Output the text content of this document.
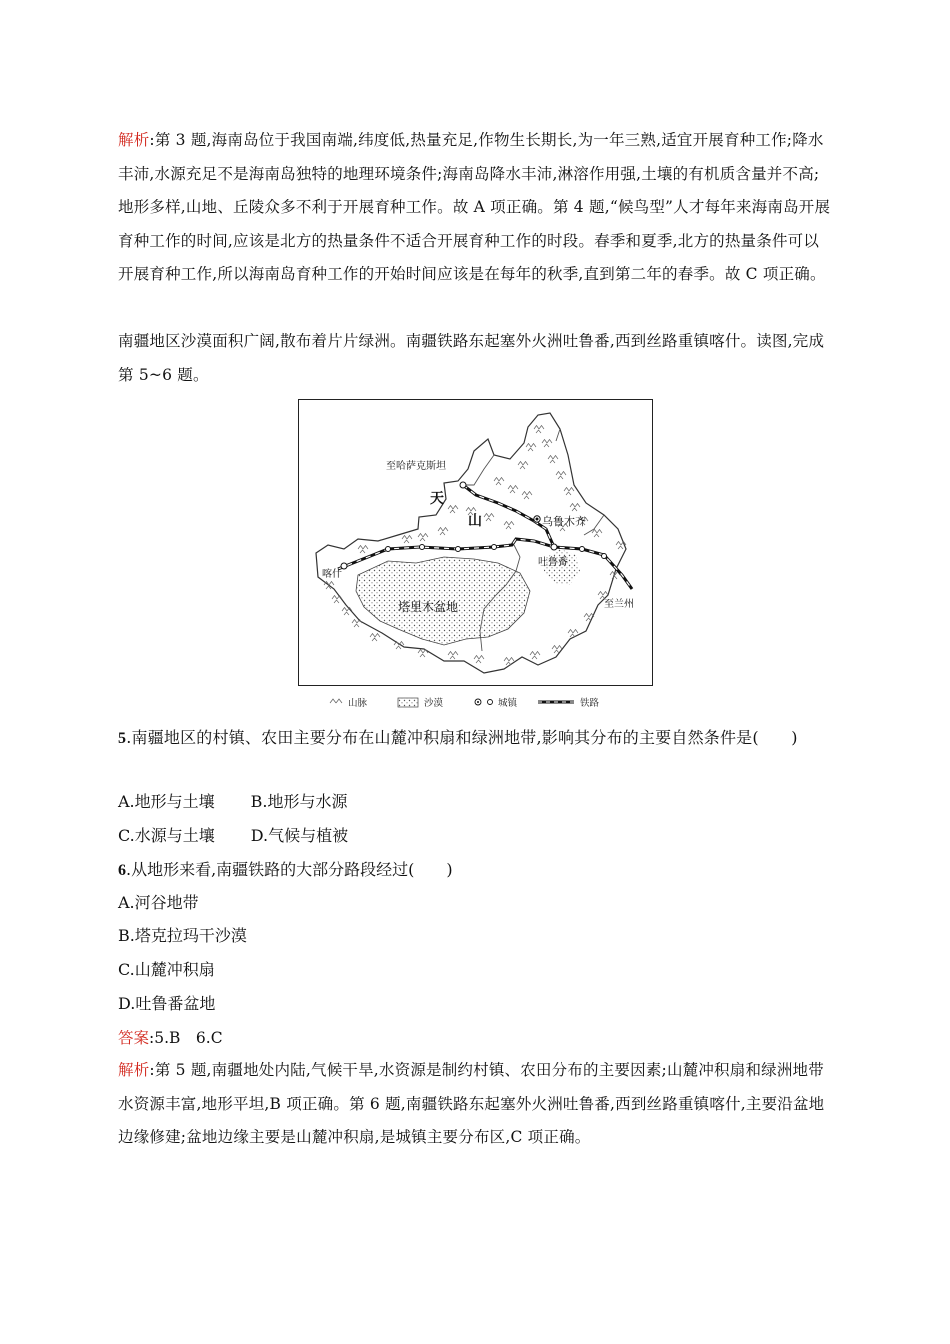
解析:第 3 题,海南岛位于我国南端,纬度低,热量充足,作物生长期长,为一年三熟,适宜开展育种工作;降水丰沛,水源充足不是海南岛独特的地理环境条件;海南岛降水丰沛,淋溶作用强,土壤的有机质含量并不高;地形多样,山地、丘陵众多不利于开展育种工作。故 A 项正确。第 4 题,“候鸟型”人才每年来海南岛开展育种工作的时间,应该是北方的热量条件不适合开展育种工作的时段。春季和夏季,北方的热量条件可以开展育种工作,所以海南岛育种工作的开始时间应该是在每年的秋季,直到第二年的春季。故 C 项正确。
南疆地区沙漠面积广阔,散布着片片绿洲。南疆铁路东起塞外火洲吐鲁番,西到丝路重镇喀什。读图,完成第 5~6 题。
至哈萨克斯坦
天
山	乌鲁木齐
吐鲁番
喀什
塔里木盆地	至兰州
山脉	沙漠	城镇	铁路
5.南疆地区的村镇、农田主要分布在山麓冲积扇和绿洲地带,影响其分布的主要自然条件是(　　)
A.地形与土壤 B.地形与水源
C.水源与土壤 D.气候与植被
6.从地形来看,南疆铁路的大部分路段经过(　　)
A.河谷地带
B.塔克拉玛干沙漠
C.山麓冲积扇
D.吐鲁番盆地
答案:5.B　6.C
解析:第 5 题,南疆地处内陆,气候干旱,水资源是制约村镇、农田分布的主要因素;山麓冲积扇和绿洲地带水资源丰富,地形平坦,B 项正确。第 6 题,南疆铁路东起塞外火洲吐鲁番,西到丝路重镇喀什,主要沿盆地边缘修建;盆地边缘主要是山麓冲积扇,是城镇主要分布区,C 项正确。
